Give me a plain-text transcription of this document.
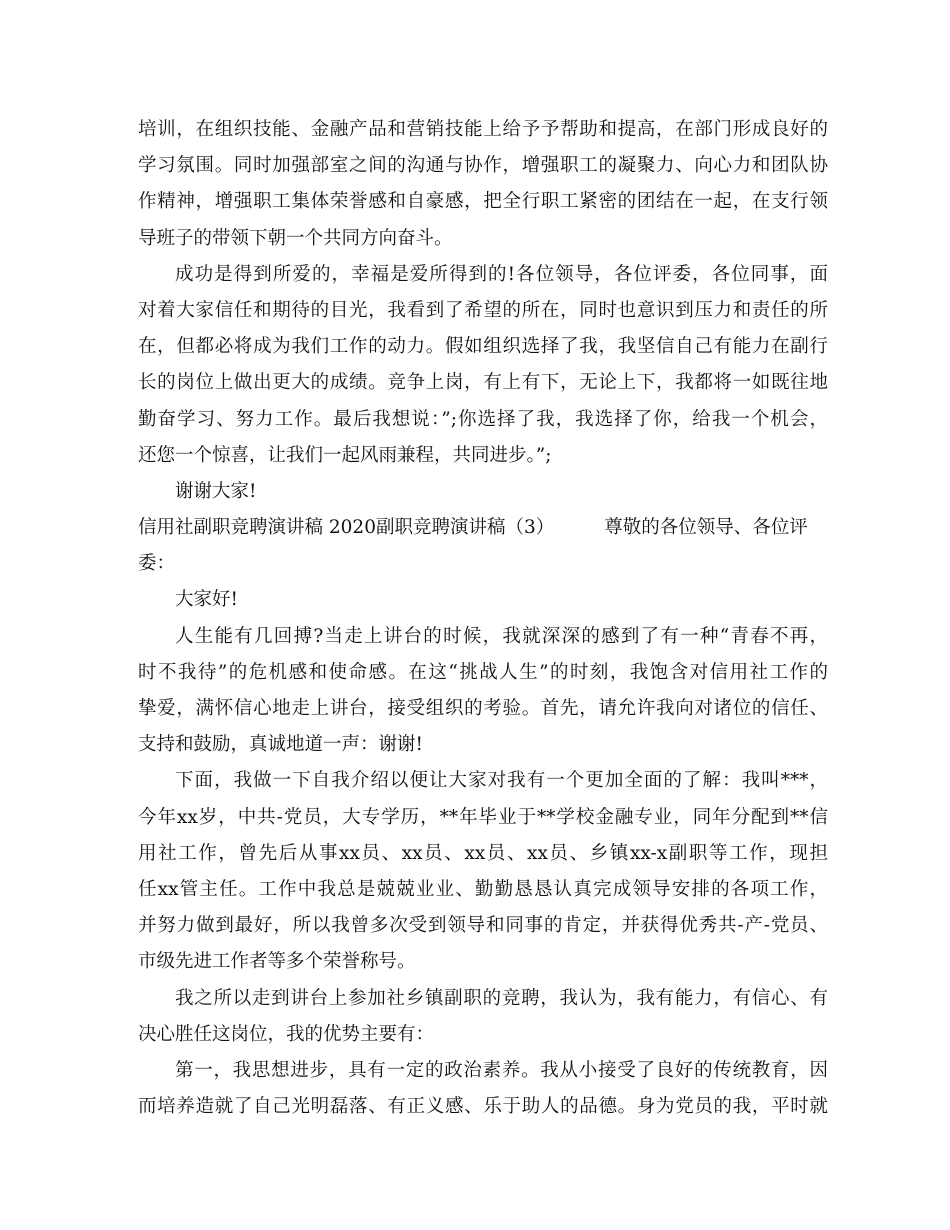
培训，在组织技能、金融产品和营销技能上给予予帮助和提高，在部门形成良好的
学习氛围。同时加强部室之间的沟通与协作，增强职工的凝聚力、向心力和团队协
作精神，增强职工集体荣誉感和自豪感，把全行职工紧密的团结在一起，在支行领
导班子的带领下朝一个共同方向奋斗。
成功是得到所爱的，幸福是爱所得到的!各位领导，各位评委，各位同事，面
对着大家信任和期待的目光，我看到了希望的所在，同时也意识到压力和责任的所
在，但都必将成为我们工作的动力。假如组织选择了我，我坚信自己有能力在副行
长的岗位上做出更大的成绩。竞争上岗，有上有下，无论上下，我都将一如既往地
勤奋学习、努力工作。最后我想说：”;你选择了我，我选择了你，给我一个机会，
还您一个惊喜，让我们一起风雨兼程，共同进步。”;
谢谢大家!
信用社副职竞聘演讲稿 2020副职竞聘演讲稿（3）	尊敬的各位领导、各位评
委：
大家好!
人生能有几回搏?当走上讲台的时候，我就深深的感到了有一种“青春不再，
时不我待”的危机感和使命感。在这“挑战人生”的时刻，我饱含对信用社工作的
挚爱，满怀信心地走上讲台，接受组织的考验。首先，请允许我向对诸位的信任、
支持和鼓励，真诚地道一声：谢谢!
下面，我做一下自我介绍以便让大家对我有一个更加全面的了解：我叫***，
今年xx岁，中共-党员，大专学历，**年毕业于**学校金融专业，同年分配到**信
用社工作，曾先后从事xx员、xx员、xx员、xx员、乡镇xx-x副职等工作，现担
任xx管主任。工作中我总是兢兢业业、勤勤恳恳认真完成领导安排的各项工作，
并努力做到最好，所以我曾多次受到领导和同事的肯定，并获得优秀共-产-党员、
市级先进工作者等多个荣誉称号。
我之所以走到讲台上参加社乡镇副职的竞聘，我认为，我有能力，有信心、有
决心胜任这岗位，我的优势主要有：
第一，我思想进步，具有一定的政治素养。我从小接受了良好的传统教育，因
而培养造就了自己光明磊落、有正义感、乐于助人的品德。身为党员的我，平时就
